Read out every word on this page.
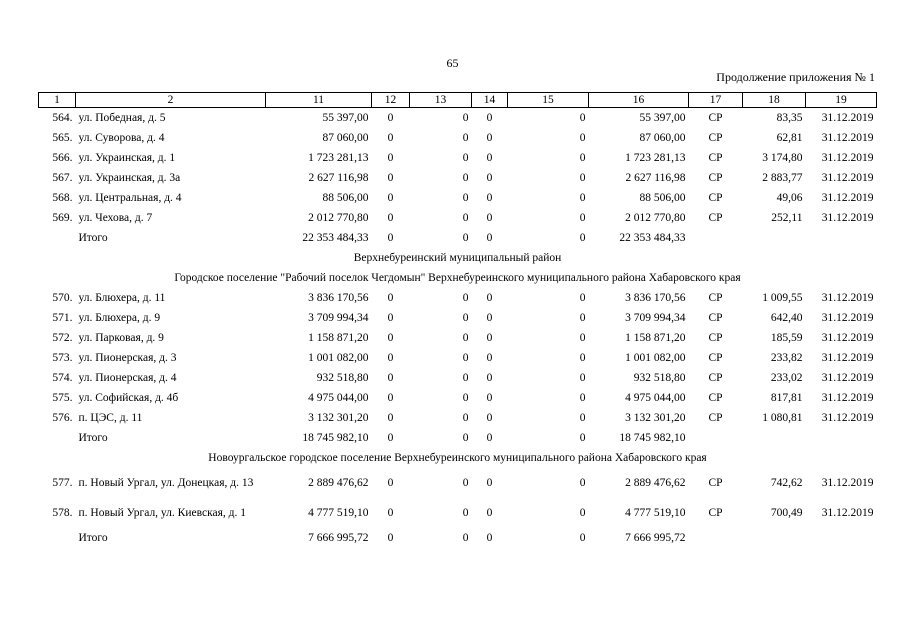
65
Продолжение приложения № 1
1	2	11	12	13	14	15	16	17	18	19
564.	ул. Победная, д. 5	55 397,00	0	0	0	0	55 397,00	СР	83,35	31.12.2019
565.	ул. Суворова, д. 4	87 060,00	0	0	0	0	87 060,00	СР	62,81	31.12.2019
566.	ул. Украинская, д. 1	1 723 281,13	0	0	0	0	1 723 281,13	СР	3 174,80	31.12.2019
567.	ул. Украинская, д. 3а	2 627 116,98	0	0	0	0	2 627 116,98	СР	2 883,77	31.12.2019
568.	ул. Центральная, д. 4	88 506,00	0	0	0	0	88 506,00	СР	49,06	31.12.2019
569.	ул. Чехова, д. 7	2 012 770,80	0	0	0	0	2 012 770,80	СР	252,11	31.12.2019
	Итого	22 353 484,33	0	0	0	0	22 353 484,33			
Верхнебуреинский муниципальный район										
Городское поселение "Рабочий поселок Чегдомын" Верхнебуреинского муниципального района Хабаровского края										
570.	ул. Блюхера, д. 11	3 836 170,56	0	0	0	0	3 836 170,56	СР	1 009,55	31.12.2019
571.	ул. Блюхера, д. 9	3 709 994,34	0	0	0	0	3 709 994,34	СР	642,40	31.12.2019
572.	ул. Парковая, д. 9	1 158 871,20	0	0	0	0	1 158 871,20	СР	185,59	31.12.2019
573.	ул. Пионерская, д. 3	1 001 082,00	0	0	0	0	1 001 082,00	СР	233,82	31.12.2019
574.	ул. Пионерская, д. 4	932 518,80	0	0	0	0	932 518,80	СР	233,02	31.12.2019
575.	ул. Софийская, д. 4б	4 975 044,00	0	0	0	0	4 975 044,00	СР	817,81	31.12.2019
576.	п. ЦЭС, д. 11	3 132 301,20	0	0	0	0	3 132 301,20	СР	1 080,81	31.12.2019
	Итого	18 745 982,10	0	0	0	0	18 745 982,10			
Новоургальское городское поселение Верхнебуреинского муниципального района Хабаровского края										
577.	п. Новый Ургал, ул. Донецкая, д. 13	2 889 476,62	0	0	0	0	2 889 476,62	СР	742,62	31.12.2019
578.	п. Новый Ургал, ул. Киевская, д. 1	4 777 519,10	0	0	0	0	4 777 519,10	СР	700,49	31.12.2019
	Итого	7 666 995,72	0	0	0	0	7 666 995,72			
